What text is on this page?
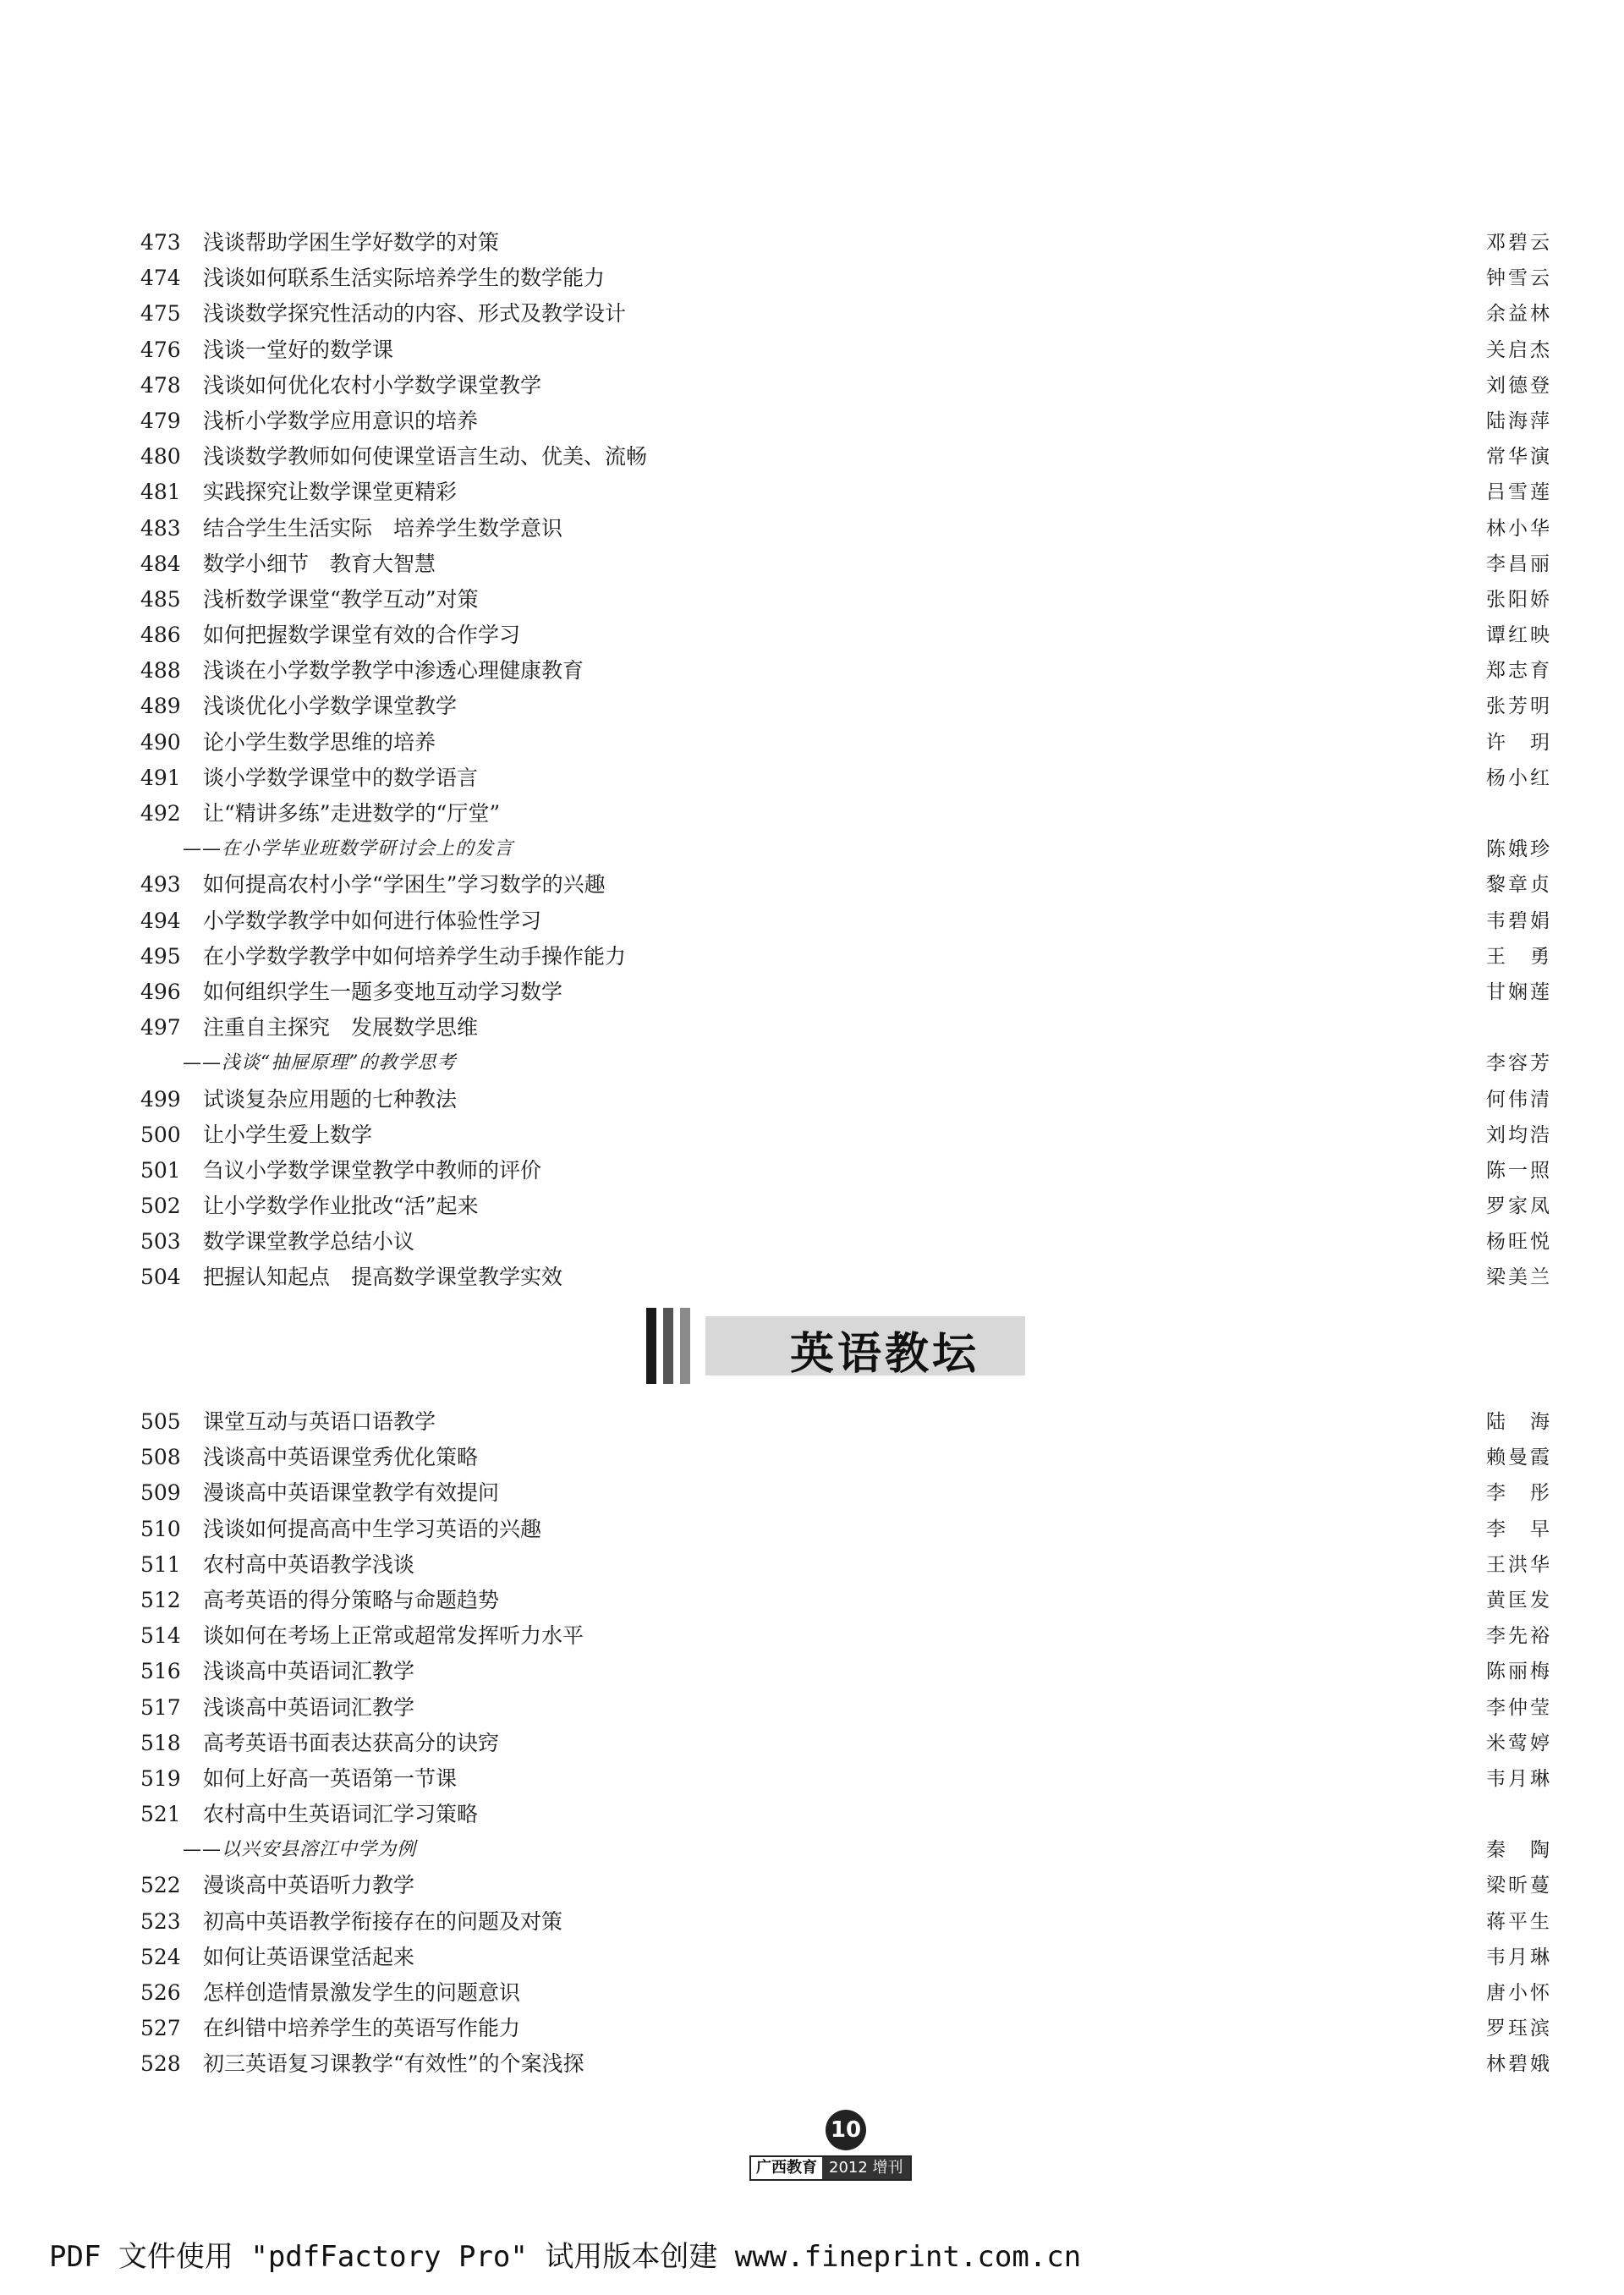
473	浅谈帮助学困生学好数学的对策	邓碧云
474	浅谈如何联系生活实际培养学生的数学能力	钟雪云
475	浅谈数学探究性活动的内容、形式及教学设计	余益林
476	浅谈一堂好的数学课	关启杰
478	浅谈如何优化农村小学数学课堂教学	刘德登
479	浅析小学数学应用意识的培养	陆海萍
480	浅谈数学教师如何使课堂语言生动、优美、流畅	常华演
481	实践探究让数学课堂更精彩	吕雪莲
483	结合学生生活实际　培养学生数学意识	林小华
484	数学小细节　教育大智慧	李昌丽
485	浅析数学课堂“教学互动”对策	张阳娇
486	如何把握数学课堂有效的合作学习	谭红映
488	浅谈在小学数学教学中渗透心理健康教育	郑志育
489	浅谈优化小学数学课堂教学	张芳明
490	论小学生数学思维的培养	许　玥
491	谈小学数学课堂中的数学语言	杨小红
492	让“精讲多练”走进数学的“厅堂”
——在小学毕业班数学研讨会上的发言	陈娥珍
493	如何提高农村小学“学困生”学习数学的兴趣	黎章贞
494	小学数学教学中如何进行体验性学习	韦碧娟
495	在小学数学教学中如何培养学生动手操作能力	王　勇
496	如何组织学生一题多变地互动学习数学	甘娴莲
497	注重自主探究　发展数学思维
——浅谈“抽屉原理”的教学思考	李容芳
499	试谈复杂应用题的七种教法	何伟清
500	让小学生爱上数学	刘均浩
501	刍议小学数学课堂教学中教师的评价	陈一照
502	让小学数学作业批改“活”起来	罗家凤
503	数学课堂教学总结小议	杨旺悦
504	把握认知起点　提高数学课堂教学实效	梁美兰
英语教坛
505	课堂互动与英语口语教学	陆　海
508	浅谈高中英语课堂秀优化策略	赖曼霞
509	漫谈高中英语课堂教学有效提问	李　彤
510	浅谈如何提高高中生学习英语的兴趣	李　早
511	农村高中英语教学浅谈	王洪华
512	高考英语的得分策略与命题趋势	黄匡发
514	谈如何在考场上正常或超常发挥听力水平	李先裕
516	浅谈高中英语词汇教学	陈丽梅
517	浅谈高中英语词汇教学	李仲莹
518	高考英语书面表达获高分的诀窍	米莺婷
519	如何上好高一英语第一节课	韦月琳
521	农村高中生英语词汇学习策略
——以兴安县溶江中学为例	秦　陶
522	漫谈高中英语听力教学	梁昕蔓
523	初高中英语教学衔接存在的问题及对策	蒋平生
524	如何让英语课堂活起来	韦月琳
526	怎样创造情景激发学生的问题意识	唐小怀
527	在纠错中培养学生的英语写作能力	罗珏滨
528	初三英语复习课教学“有效性”的个案浅探	林碧娥
10
广西教育 2012 增刊
PDF 文件使用 "pdfFactory Pro" 试用版本创建 www.fineprint.com.cn
